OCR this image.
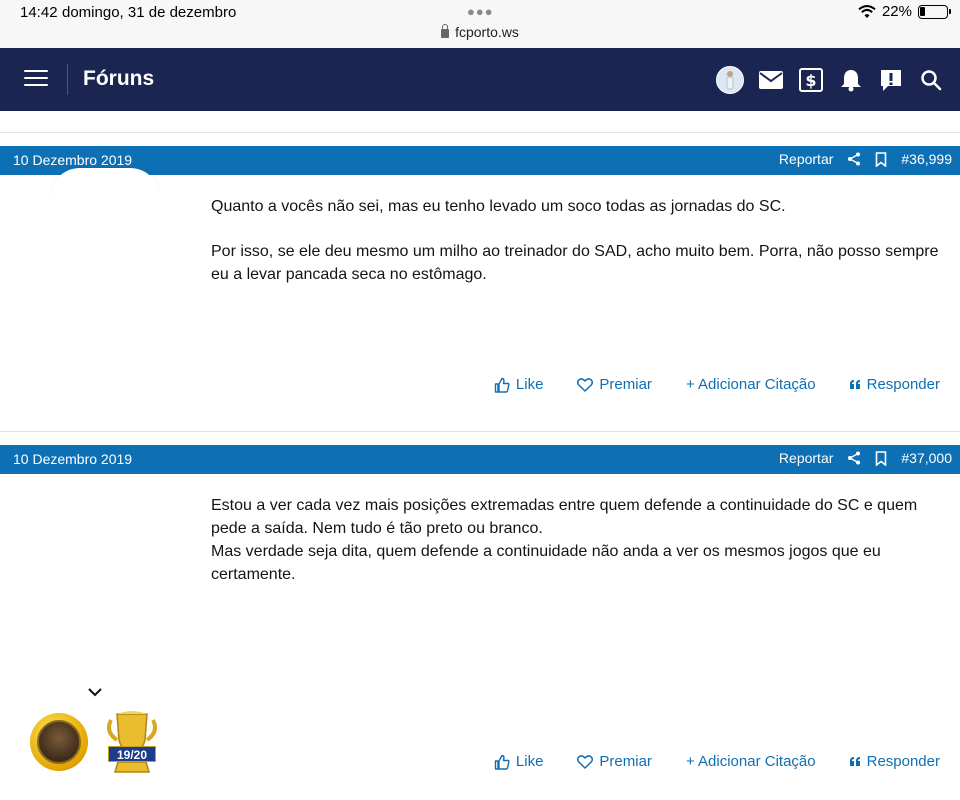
14:42 domingo, 31 de dezembro	●●●	22%
fcporto.ws
Fóruns	$
10 Dezembro 2019	Reportar	#36,999

Quanto a vocês não sei, mas eu tenho levado um soco todas as jornadas do SC.

Por isso, se ele deu mesmo um milho ao treinador do SAD, acho muito bem. Porra, não posso sempre eu a levar pancada seca no estômago.

Like	Premiar + Adicionar Citação	Responder
10 Dezembro 2019	Reportar	#37,000

Estou a ver cada vez mais posições extremadas entre quem defende a continuidade do SC e quem pede a saída. Nem tudo é tão preto ou branco.

Mas verdade seja dita, quem defende a continuidade não anda a ver os mesmos jogos que eu certamente.

19/20	Like	Premiar + Adicionar Citação	Responder
